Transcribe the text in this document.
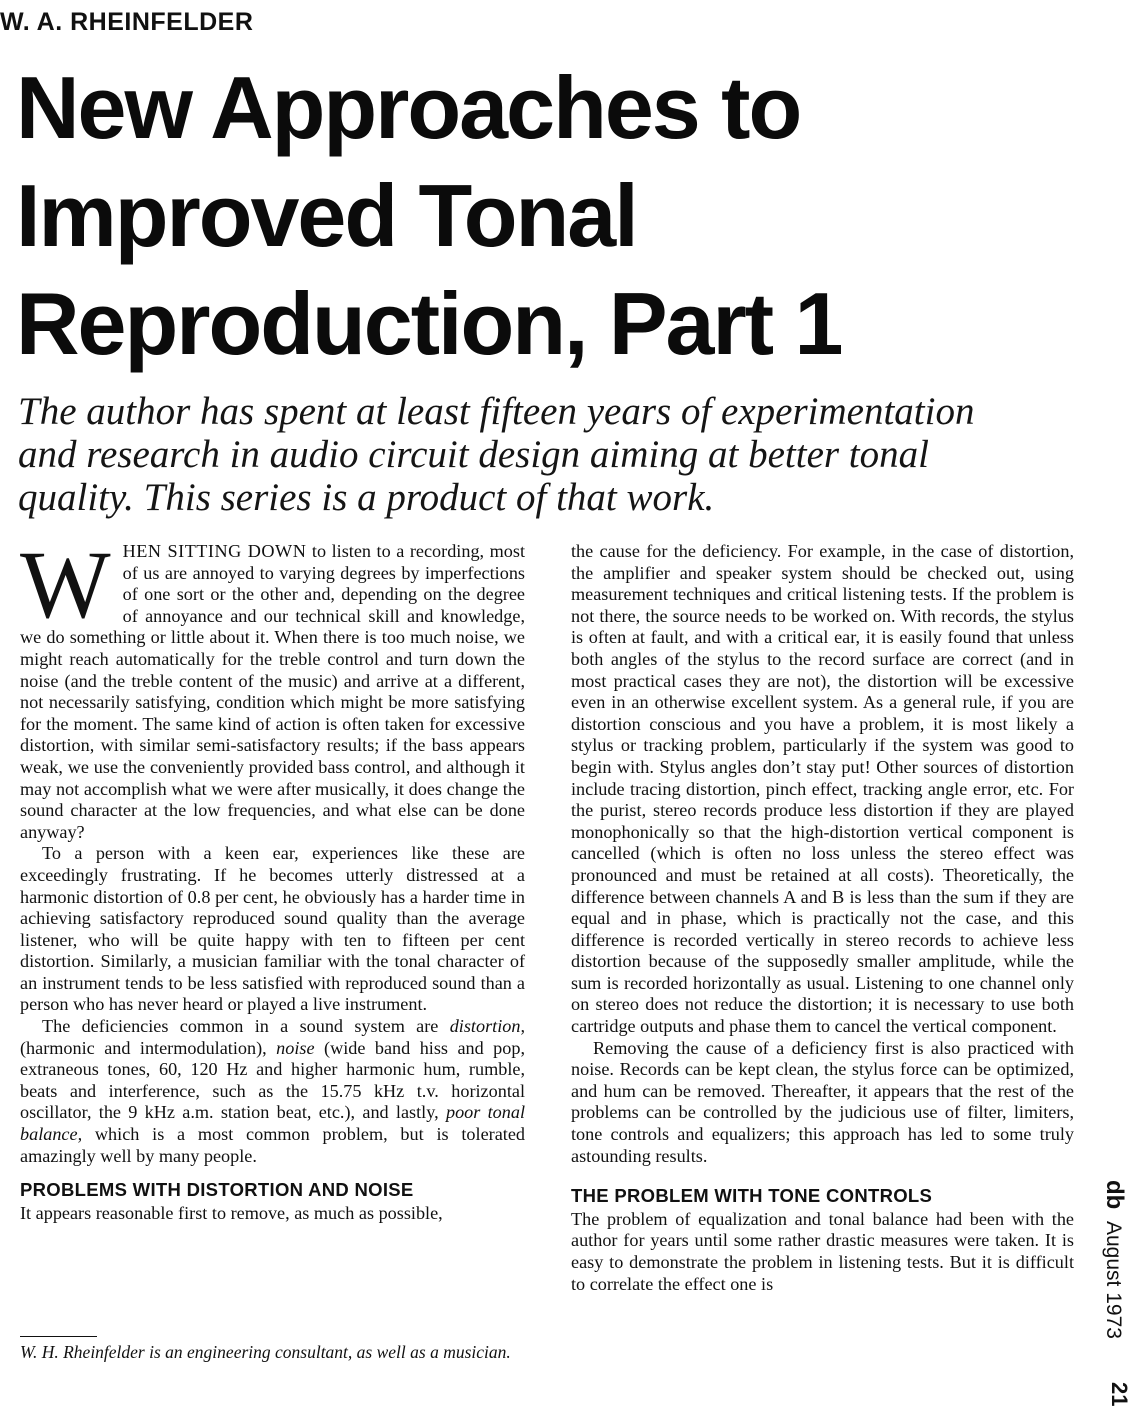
W. A. RHEINFELDER
New Approaches to
Improved Tonal
Reproduction, Part 1
The author has spent at least fifteen years of experimentation
and research in audio circuit design aiming at better tonal
quality. This series is a product of that work.

WHEN SITTING DOWN to listen to a recording, most of us are annoyed to varying degrees by imperfections of one sort or the other and, depending on the degree of annoyance and our technical skill and knowledge, we do something or little about it. When there is too much noise, we might reach automatically for the treble control and turn down the noise (and the treble content of the music) and arrive at a different, not necessarily satisfying, condition which might be more satisfying for the moment. The same kind of action is often taken for excessive distortion, with similar semi-satisfactory results; if the bass appears weak, we use the conveniently provided bass control, and although it may not accomplish what we were after musically, it does change the sound character at the low frequencies, and what else can be done anyway?

To a person with a keen ear, experiences like these are exceedingly frustrating. If he becomes utterly distressed at a harmonic distortion of 0.8 per cent, he obviously has a harder time in achieving satisfactory reproduced sound quality than the average listener, who will be quite happy with ten to fifteen per cent distortion. Similarly, a musician familiar with the tonal character of an instrument tends to be less satisfied with reproduced sound than a person who has never heard or played a live instrument.

The deficiencies common in a sound system are distortion, (harmonic and intermodulation), noise (wide band hiss and pop, extraneous tones, 60, 120 Hz and higher harmonic hum, rumble, beats and interference, such as the 15.75 kHz t.v. horizontal oscillator, the 9 kHz a.m. station beat, etc.), and lastly, poor tonal balance, which is a most common problem, but is tolerated amazingly well by many people.

PROBLEMS WITH DISTORTION AND NOISE

It appears reasonable first to remove, as much as possible,

W. H. Rheinfelder is an engineering consultant, as well as a musician.

the cause for the deficiency. For example, in the case of distortion, the amplifier and speaker system should be checked out, using measurement techniques and critical listening tests. If the problem is not there, the source needs to be worked on. With records, the stylus is often at fault, and with a critical ear, it is easily found that unless both angles of the stylus to the record surface are correct (and in most practical cases they are not), the distortion will be excessive even in an otherwise excellent system. As a general rule, if you are distortion conscious and you have a problem, it is most likely a stylus or tracking problem, particularly if the system was good to begin with. Stylus angles don’t stay put! Other sources of distortion include tracing distortion, pinch effect, tracking angle error, etc. For the purist, stereo records produce less distortion if they are played monophonically so that the high-distortion vertical component is cancelled (which is often no loss unless the stereo effect was pronounced and must be retained at all costs). Theoretically, the difference between channels A and B is less than the sum if they are equal and in phase, which is practically not the case, and this difference is recorded vertically in stereo records to achieve less distortion because of the supposedly smaller amplitude, while the sum is recorded horizontally as usual. Listening to one channel only on stereo does not reduce the distortion; it is necessary to use both cartridge outputs and phase them to cancel the vertical component.

Removing the cause of a deficiency first is also practiced with noise. Records can be kept clean, the stylus force can be optimized, and hum can be removed. Thereafter, it appears that the rest of the problems can be controlled by the judicious use of filter, limiters, tone controls and equalizers; this approach has led to some truly astounding results.

THE PROBLEM WITH TONE CONTROLS

The problem of equalization and tonal balance had been with the author for years until some rather drastic measures were taken. It is easy to demonstrate the problem in listening tests. But it is difficult to correlate the effect one is

db  August 1973
21
